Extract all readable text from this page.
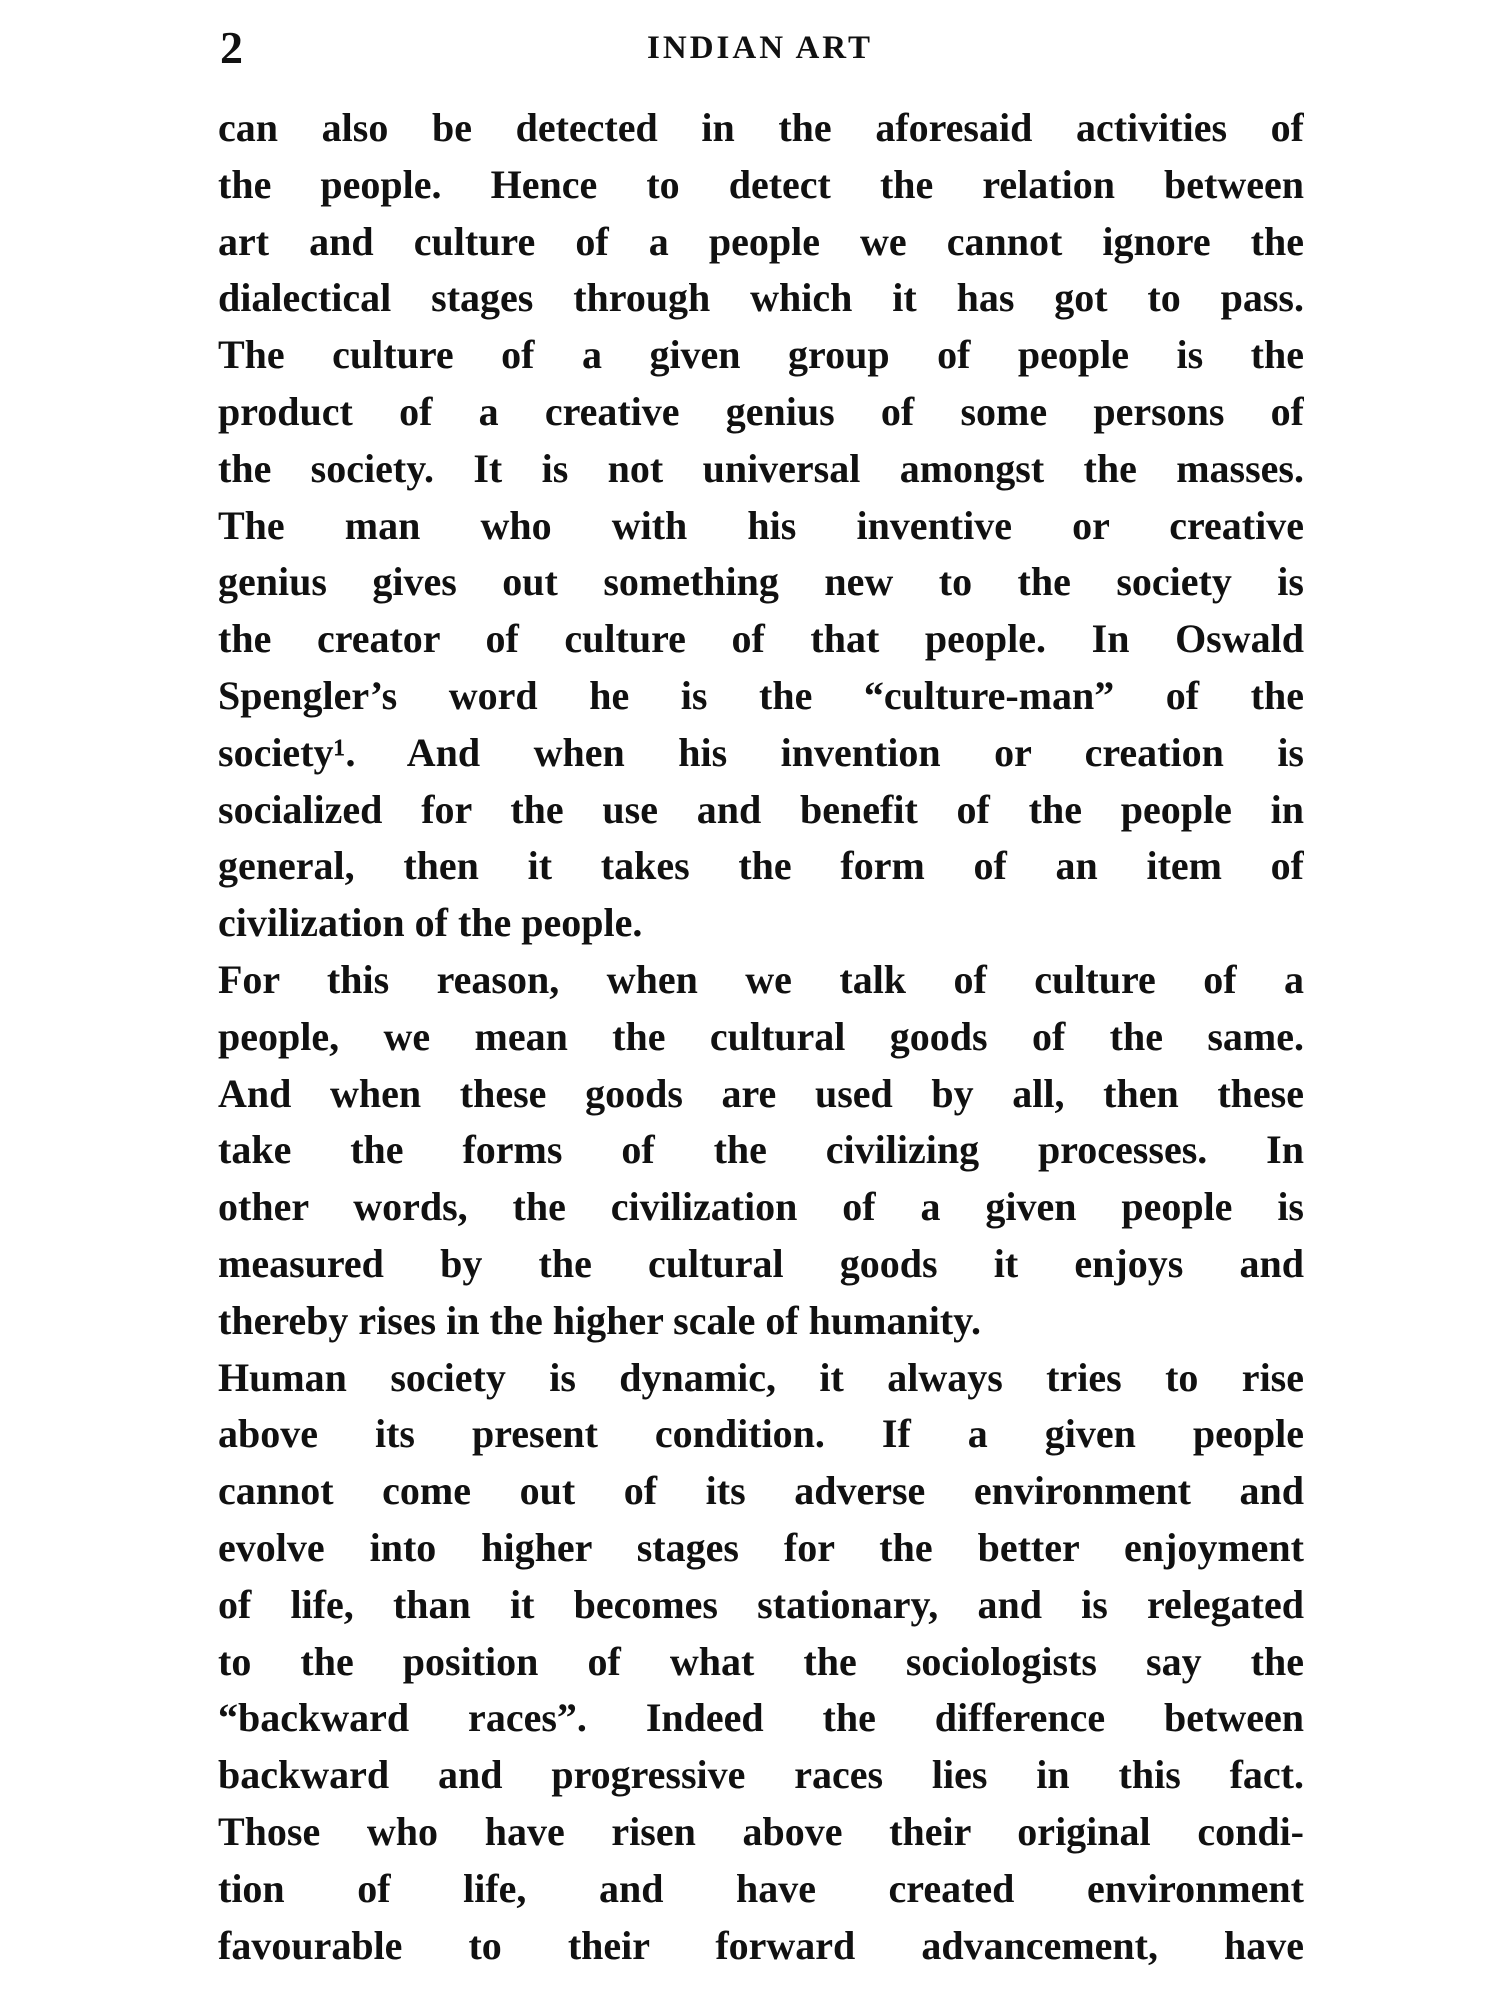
2	INDIAN ART
can also be detected in the aforesaid activities of
the people. Hence to detect the relation between
art and culture of a people we cannot ignore the
dialectical stages through which it has got to pass.
The culture of a given group of people is the
product of a creative genius of some persons of
the society. It is not universal amongst the masses.
The man who with his inventive or creative
genius gives out something new to the society is
the creator of culture of that people. In Oswald
Spengler’s word he is the “culture-man” of the
society¹. And when his invention or creation is
socialized for the use and benefit of the people in
general, then it takes the form of an item of
civilization of the people.
For this reason, when we talk of culture of a
people, we mean the cultural goods of the same.
And when these goods are used by all, then these
take the forms of the civilizing processes. In
other words, the civilization of a given people is
measured by the cultural goods it enjoys and
thereby rises in the higher scale of humanity.
Human society is dynamic, it always tries to rise
above its present condition. If a given people
cannot come out of its adverse environment and
evolve into higher stages for the better enjoyment
of life, than it becomes stationary, and is relegated
to the position of what the sociologists say the
“backward races”. Indeed the difference between
backward and progressive races lies in this fact.
Those who have risen above their original condi-
tion of life, and have created environment
favourable to their forward advancement, have
